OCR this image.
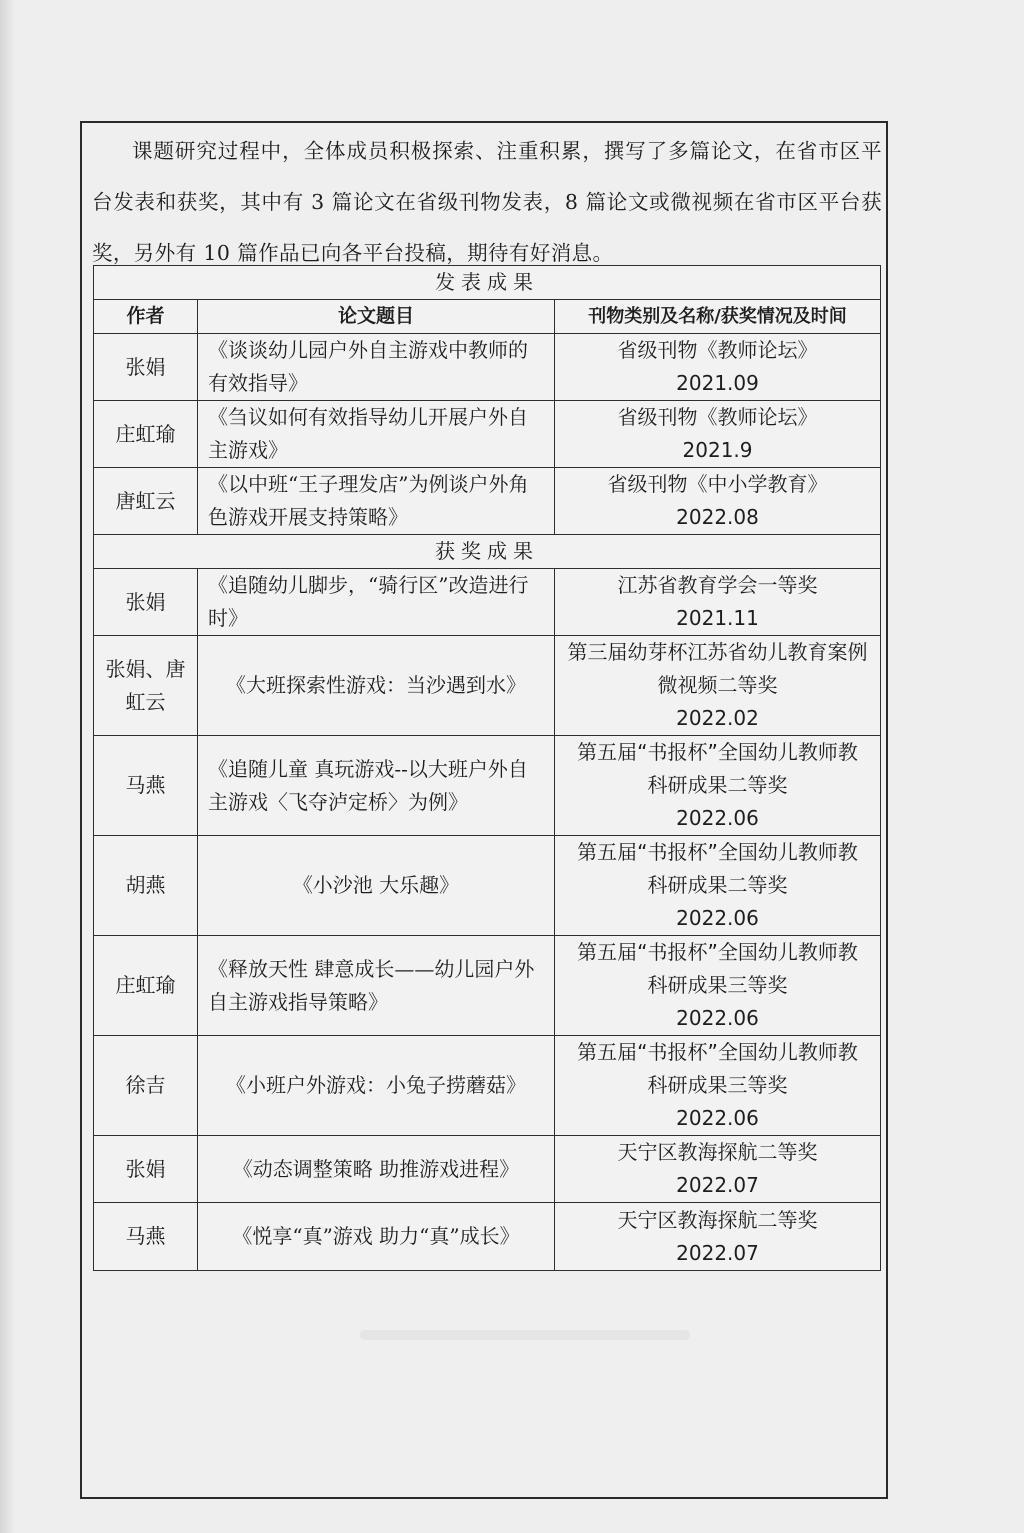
课题研究过程中，全体成员积极探索、注重积累，撰写了多篇论文，在省市区平台发表和获奖，其中有 3 篇论文在省级刊物发表，8 篇论文或微视频在省市区平台获奖，另外有 10 篇作品已向各平台投稿，期待有好消息。

发表成果		
作者	论文题目	刊物类别及名称/获奖情况及时间
张娟	《谈谈幼儿园户外自主游戏中教师的有效指导》	省级刊物《教师论坛》
2021.09

庄虹瑜	《刍议如何有效指导幼儿开展户外自主游戏》	省级刊物《教师论坛》
2021.9

唐虹云	《以中班“王子理发店”为例谈户外角色游戏开展支持策略》	省级刊物《中小学教育》
2022.08

获奖成果		
张娟	《追随幼儿脚步，“骑行区”改造进行时》	江苏省教育学会一等奖
2021.11

张娟、唐虹云	《大班探索性游戏：当沙遇到水》	第三届幼芽杯江苏省幼儿教育案例
微视频二等奖
2022.02

马燕	《追随儿童 真玩游戏--以大班户外自主游戏〈飞夺泸定桥〉为例》	第五届“书报杯”全国幼儿教师教
科研成果二等奖
2022.06

胡燕	《小沙池 大乐趣》	第五届“书报杯”全国幼儿教师教
科研成果二等奖
2022.06

庄虹瑜	《释放天性 肆意成长——幼儿园户外自主游戏指导策略》	第五届“书报杯”全国幼儿教师教
科研成果三等奖
2022.06

徐吉	《小班户外游戏：小兔子捞蘑菇》	第五届“书报杯”全国幼儿教师教
科研成果三等奖
2022.06

张娟	《动态调整策略 助推游戏进程》	天宁区教海探航二等奖
2022.07

马燕	《悦享“真”游戏 助力“真”成长》	天宁区教海探航二等奖
2022.07
